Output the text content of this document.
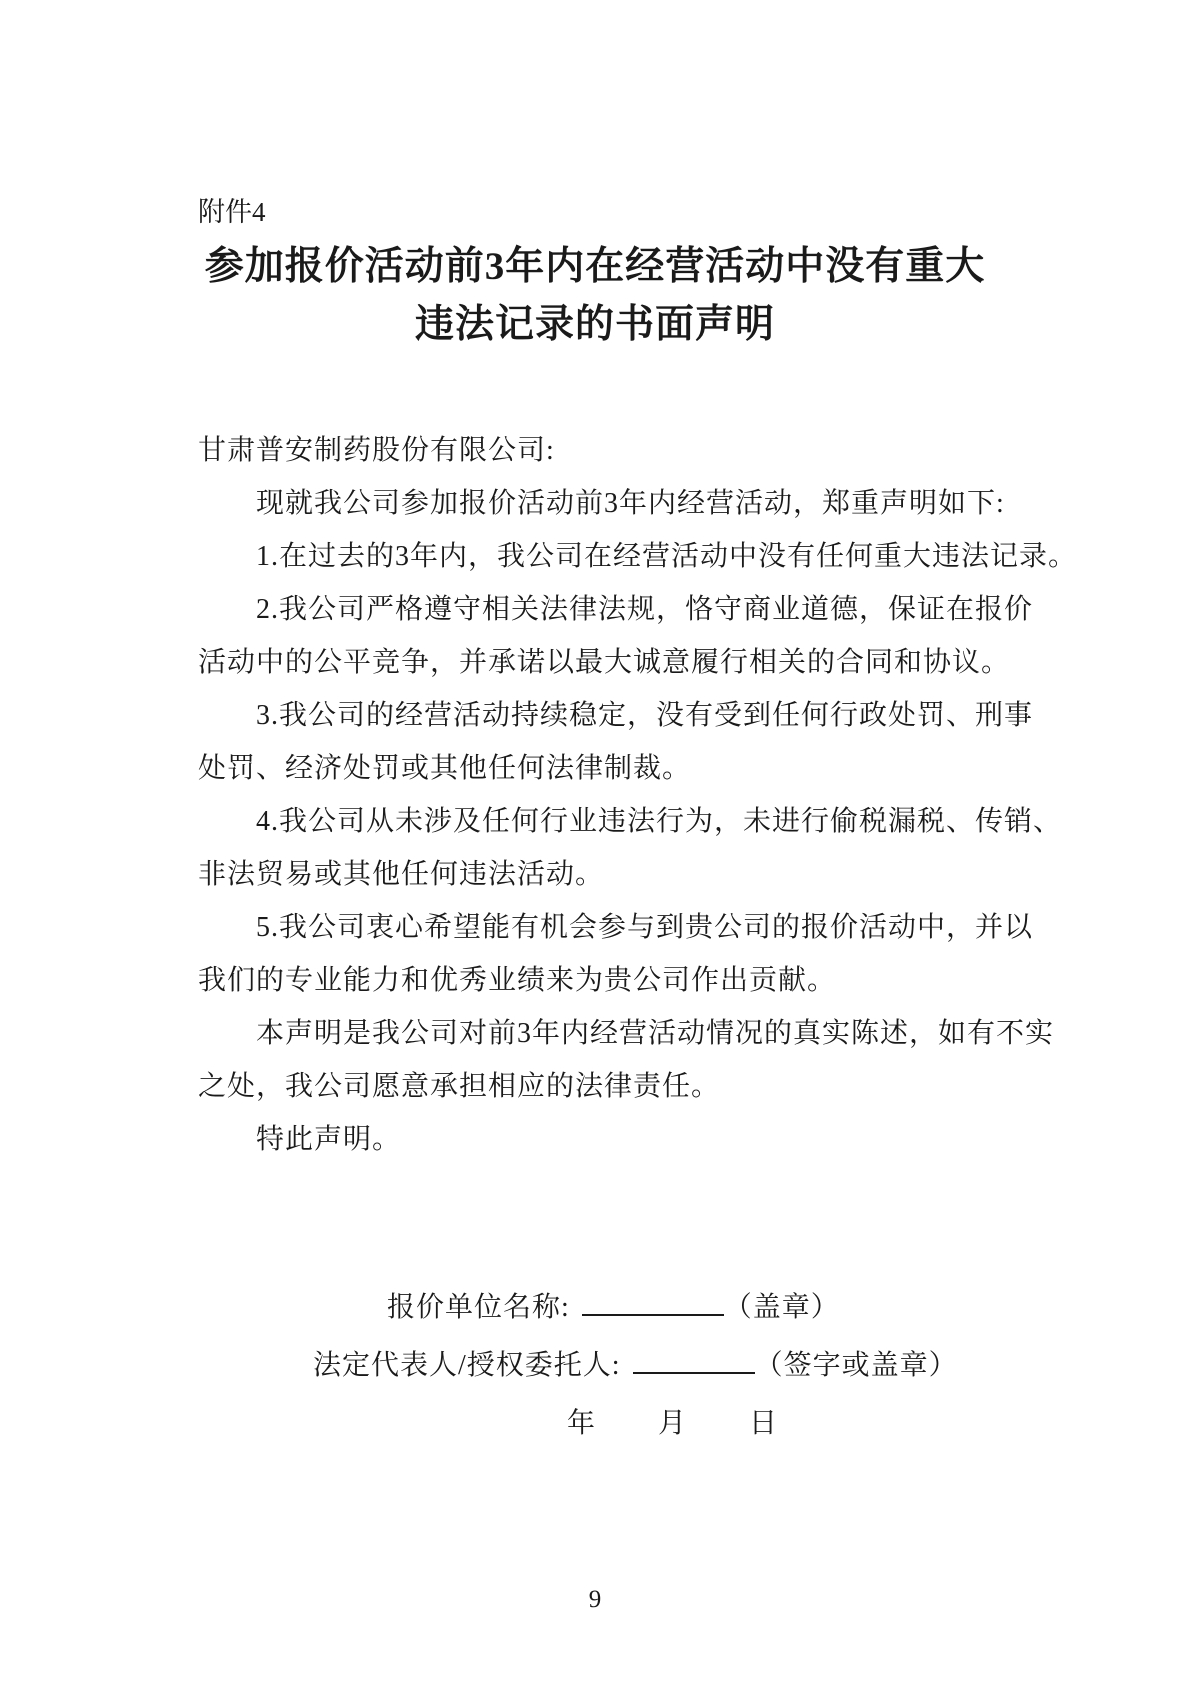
附件4
参加报价活动前3年内在经营活动中没有重大
违法记录的书面声明
甘肃普安制药股份有限公司:
现就我公司参加报价活动前3年内经营活动，郑重声明如下:
1.在过去的3年内，我公司在经营活动中没有任何重大违法记录。
2.我公司严格遵守相关法律法规，恪守商业道德，保证在报价
活动中的公平竞争，并承诺以最大诚意履行相关的合同和协议。
3.我公司的经营活动持续稳定，没有受到任何行政处罚、刑事
处罚、经济处罚或其他任何法律制裁。
4.我公司从未涉及任何行业违法行为，未进行偷税漏税、传销、
非法贸易或其他任何违法活动。
5.我公司衷心希望能有机会参与到贵公司的报价活动中，并以
我们的专业能力和优秀业绩来为贵公司作出贡献。
本声明是我公司对前3年内经营活动情况的真实陈述，如有不实
之处，我公司愿意承担相应的法律责任。
特此声明。
报价单位名称:	（盖章）
法定代表人/授权委托人:	（签字或盖章）
年 月 日
9
